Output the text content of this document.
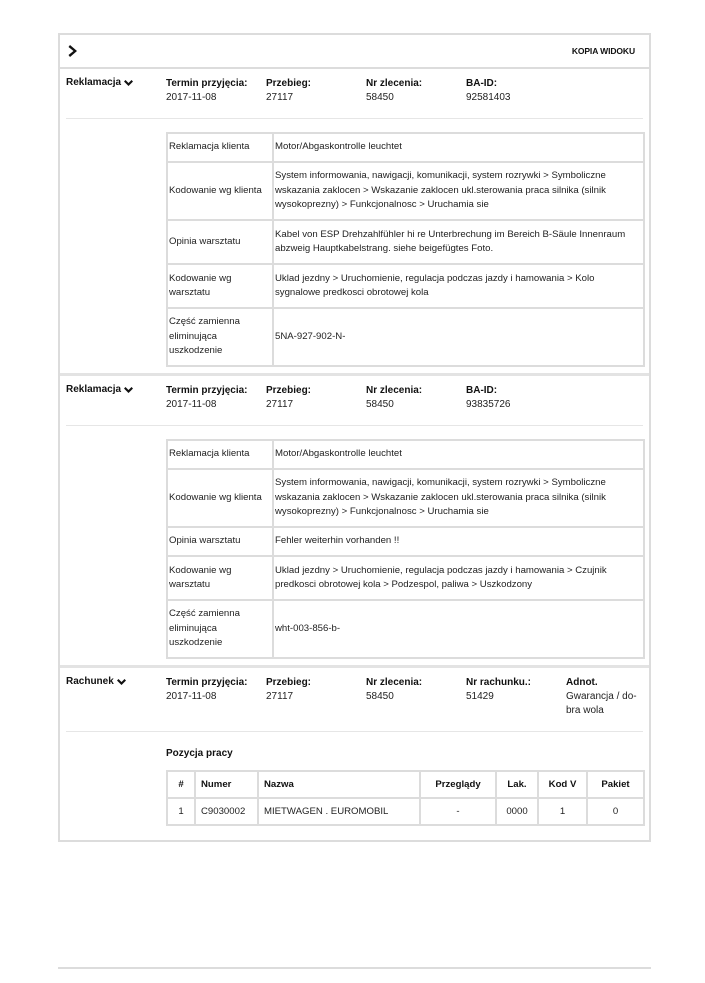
KOPIA WIDOKU
Reklamacja	Termin przyjęcia:
2017-11-08
Przebieg:
27117
Nr zlecenia:
58450
BA-ID:
92581403
Reklamacja klienta	Motor/Abgaskontrolle leuchtet
Kodowanie wg klienta	System informowania, nawigacji, komunikacji, system rozrywki > Symboliczne wskazania zaklocen > Wskazanie zaklocen ukl.sterowania praca silnika (silnik wysokoprezny) > Funkcjonalnosc > Uruchamia sie
Opinia warsztatu	Kabel von ESP Drehzahlfühler hi re Unterbrechung im Bereich B-Säule Innenraum abzweig Hauptkabelstrang. siehe beigefügtes Foto.
Kodowanie wg warsztatu	Uklad jezdny > Uruchomienie, regulacja podczas jazdy i hamowania > Kolo sygnalowe predkosci obrotowej kola
Część zamienna eliminująca uszkodzenie	5NA-927-902-N-
Reklamacja	Termin przyjęcia:
2017-11-08
Przebieg:
27117
Nr zlecenia:
58450
BA-ID:
93835726
Reklamacja klienta	Motor/Abgaskontrolle leuchtet
Kodowanie wg klienta	System informowania, nawigacji, komunikacji, system rozrywki > Symboliczne wskazania zaklocen > Wskazanie zaklocen ukl.sterowania praca silnika (silnik wysokoprezny) > Funkcjonalnosc > Uruchamia sie
Opinia warsztatu	Fehler weiterhin vorhanden !!
Kodowanie wg warsztatu	Uklad jezdny > Uruchomienie, regulacja podczas jazdy i hamowania > Czujnik predkosci obrotowej kola > Podzespol, paliwa > Uszkodzony
Część zamienna eliminująca uszkodzenie	wht-003-856-b-
Rachunek	Termin przyjęcia:
2017-11-08
Przebieg:
27117
Nr zlecenia:
58450
Nr rachunku.:
51429
Adnot.
Gwarancja / do-bra wola
Pozycja pracy
#	Numer	Nazwa	Przeglądy	Lak.	Kod V	Pakiet
1	C9030002	MIETWAGEN . EUROMOBIL	-	0000	1	0
